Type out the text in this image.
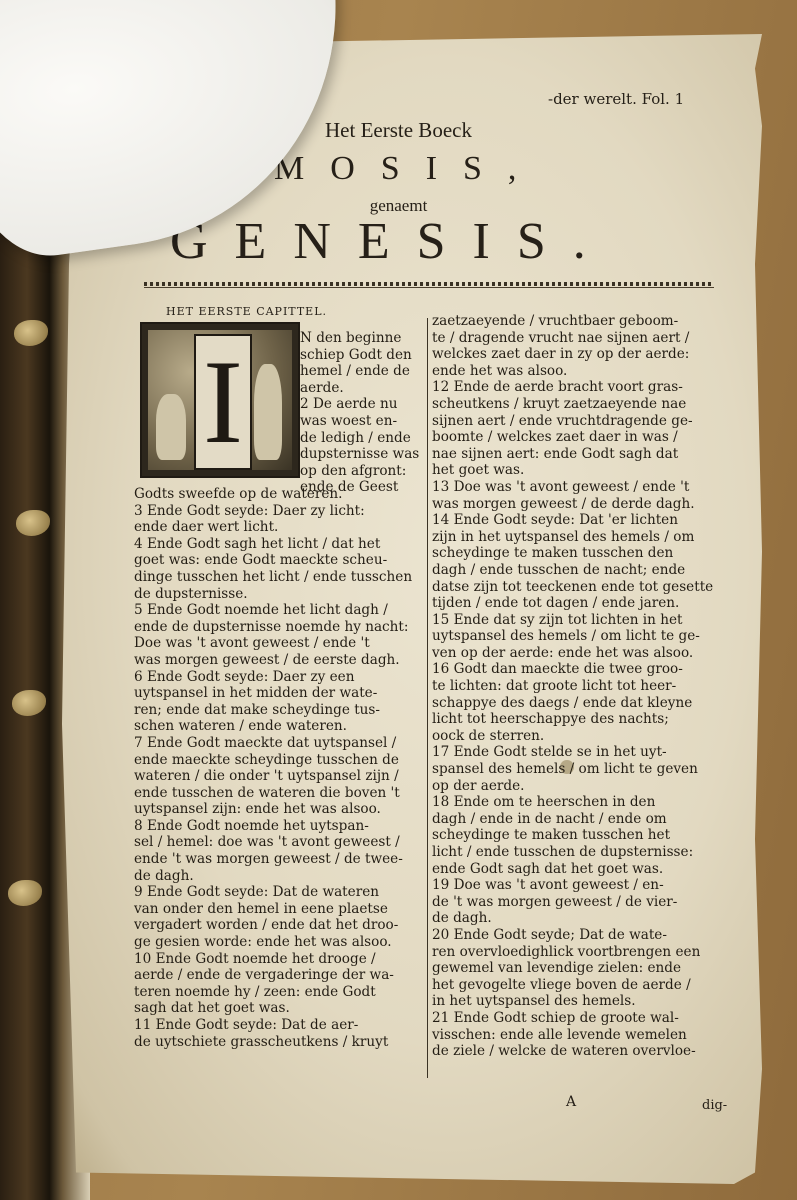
-der werelt. Fol. 1
Het Eerste Boeck
MOSIS,
genaemt
GENESIS.
HET EERSTE CAPITTEL.
I	N den beginne
schiep Godt den
hemel / ende de
aerde.
2 De aerde nu
was woest en-
de ledigh / ende
dupsternisse was
op den afgront:
ende de Geest
Godts sweefde op de wateren.
3 Ende Godt seyde: Daer zy licht:
ende daer wert licht.
4 Ende Godt sagh het licht / dat het
goet was: ende Godt maeckte scheu-
dinge tusschen het licht / ende tusschen
de dupsternisse.
5 Ende Godt noemde het licht dagh /
ende de dupsternisse noemde hy nacht:
Doe was 't avont geweest / ende 't
was morgen geweest / de eerste dagh.
6 Ende Godt seyde: Daer zy een
uytspansel in het midden der wate-
ren; ende dat make scheydinge tus-
schen wateren / ende wateren.
7 Ende Godt maeckte dat uytspansel /
ende maeckte scheydinge tusschen de
wateren / die onder 't uytspansel zijn /
ende tusschen de wateren die boven 't
uytspansel zijn: ende het was alsoo.
8 Ende Godt noemde het uytspan-
sel / hemel: doe was 't avont geweest /
ende 't was morgen geweest / de twee-
de dagh.
9 Ende Godt seyde: Dat de wateren
van onder den hemel in eene plaetse
vergadert worden / ende dat het droo-
ge gesien worde: ende het was alsoo.
10 Ende Godt noemde het drooge /
aerde / ende de vergaderinge der wa-
teren noemde hy / zeen: ende Godt
sagh dat het goet was.
11 Ende Godt seyde: Dat de aer-
de uytschiete grasscheutkens / kruyt
zaetzaeyende / vruchtbaer geboom-
te / dragende vrucht nae sijnen aert /
welckes zaet daer in zy op der aerde:
ende het was alsoo.
12 Ende de aerde bracht voort gras-
scheutkens / kruyt zaetzaeyende nae
sijnen aert / ende vruchtdragende ge-
boomte / welckes zaet daer in was /
nae sijnen aert: ende Godt sagh dat
het goet was.
13 Doe was 't avont geweest / ende 't
was morgen geweest / de derde dagh.
14 Ende Godt seyde: Dat 'er lichten
zijn in het uytspansel des hemels / om
scheydinge te maken tusschen den
dagh / ende tusschen de nacht; ende
datse zijn tot teeckenen ende tot gesette
tijden / ende tot dagen / ende jaren.
15 Ende dat sy zijn tot lichten in het
uytspansel des hemels / om licht te ge-
ven op der aerde: ende het was alsoo.
16 Godt dan maeckte die twee groo-
te lichten: dat groote licht tot heer-
schappye des daegs / ende dat kleyne
licht tot heerschappye des nachts;
oock de sterren.
17 Ende Godt stelde se in het uyt-
spansel des hemels / om licht te geven
op der aerde.
18 Ende om te heerschen in den
dagh / ende in de nacht / ende om
scheydinge te maken tusschen het
licht / ende tusschen de dupsternisse:
ende Godt sagh dat het goet was.
19 Doe was 't avont geweest / en-
de 't was morgen geweest / de vier-
de dagh.
20 Ende Godt seyde; Dat de wate-
ren overvloedighlick voortbrengen een
gewemel van levendige zielen: ende
het gevogelte vliege boven de aerde /
in het uytspansel des hemels.
21 Ende Godt schiep de groote wal-
visschen: ende alle levende wemelen
de ziele / welcke de wateren overvloe-
A	dig-
